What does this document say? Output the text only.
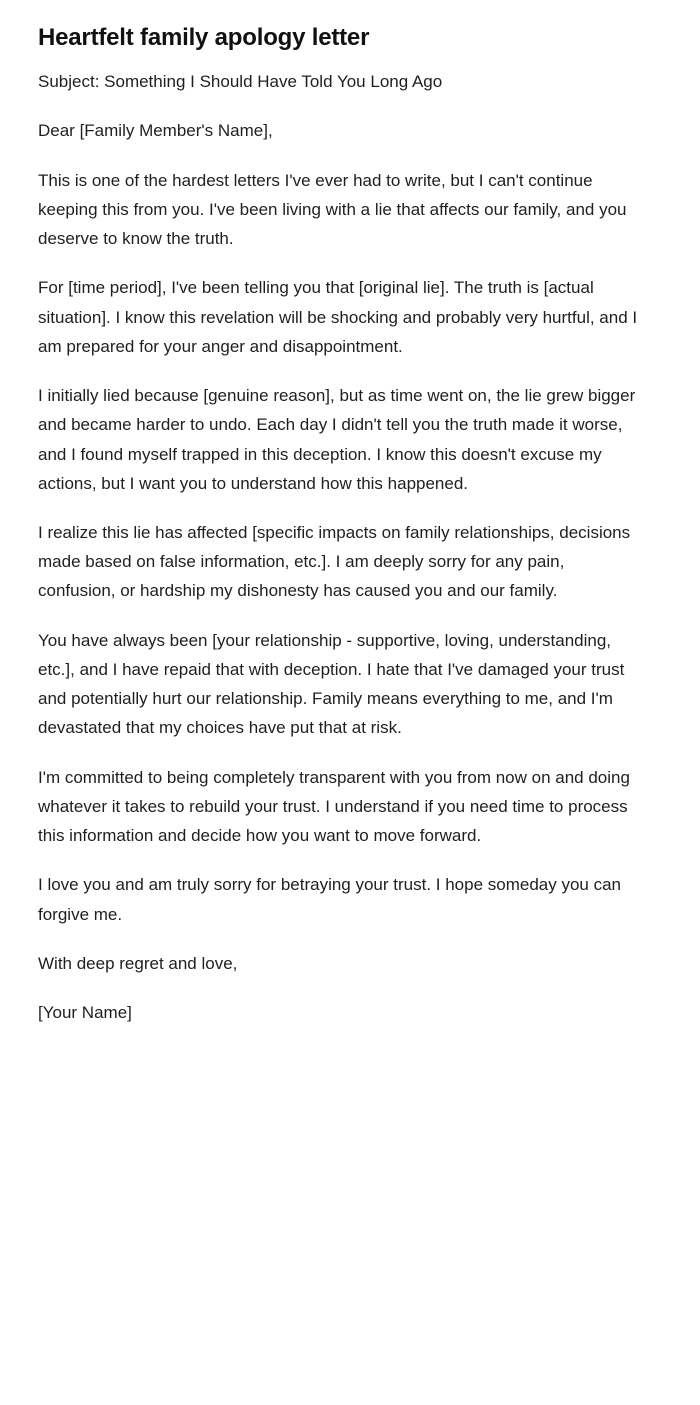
Heartfelt family apology letter

Subject: Something I Should Have Told You Long Ago

Dear [Family Member's Name],

This is one of the hardest letters I've ever had to write, but I can't continue keeping this from you. I've been living with a lie that affects our family, and you deserve to know the truth.

For [time period], I've been telling you that [original lie]. The truth is [actual situation]. I know this revelation will be shocking and probably very hurtful, and I am prepared for your anger and disappointment.

I initially lied because [genuine reason], but as time went on, the lie grew bigger and became harder to undo. Each day I didn't tell you the truth made it worse, and I found myself trapped in this deception. I know this doesn't excuse my actions, but I want you to understand how this happened.

I realize this lie has affected [specific impacts on family relationships, decisions made based on false information, etc.]. I am deeply sorry for any pain, confusion, or hardship my dishonesty has caused you and our family.

You have always been [your relationship - supportive, loving, understanding, etc.], and I have repaid that with deception. I hate that I've damaged your trust and potentially hurt our relationship. Family means everything to me, and I'm devastated that my choices have put that at risk.

I'm committed to being completely transparent with you from now on and doing whatever it takes to rebuild your trust. I understand if you need time to process this information and decide how you want to move forward.

I love you and am truly sorry for betraying your trust. I hope someday you can forgive me.

With deep regret and love,

[Your Name]
